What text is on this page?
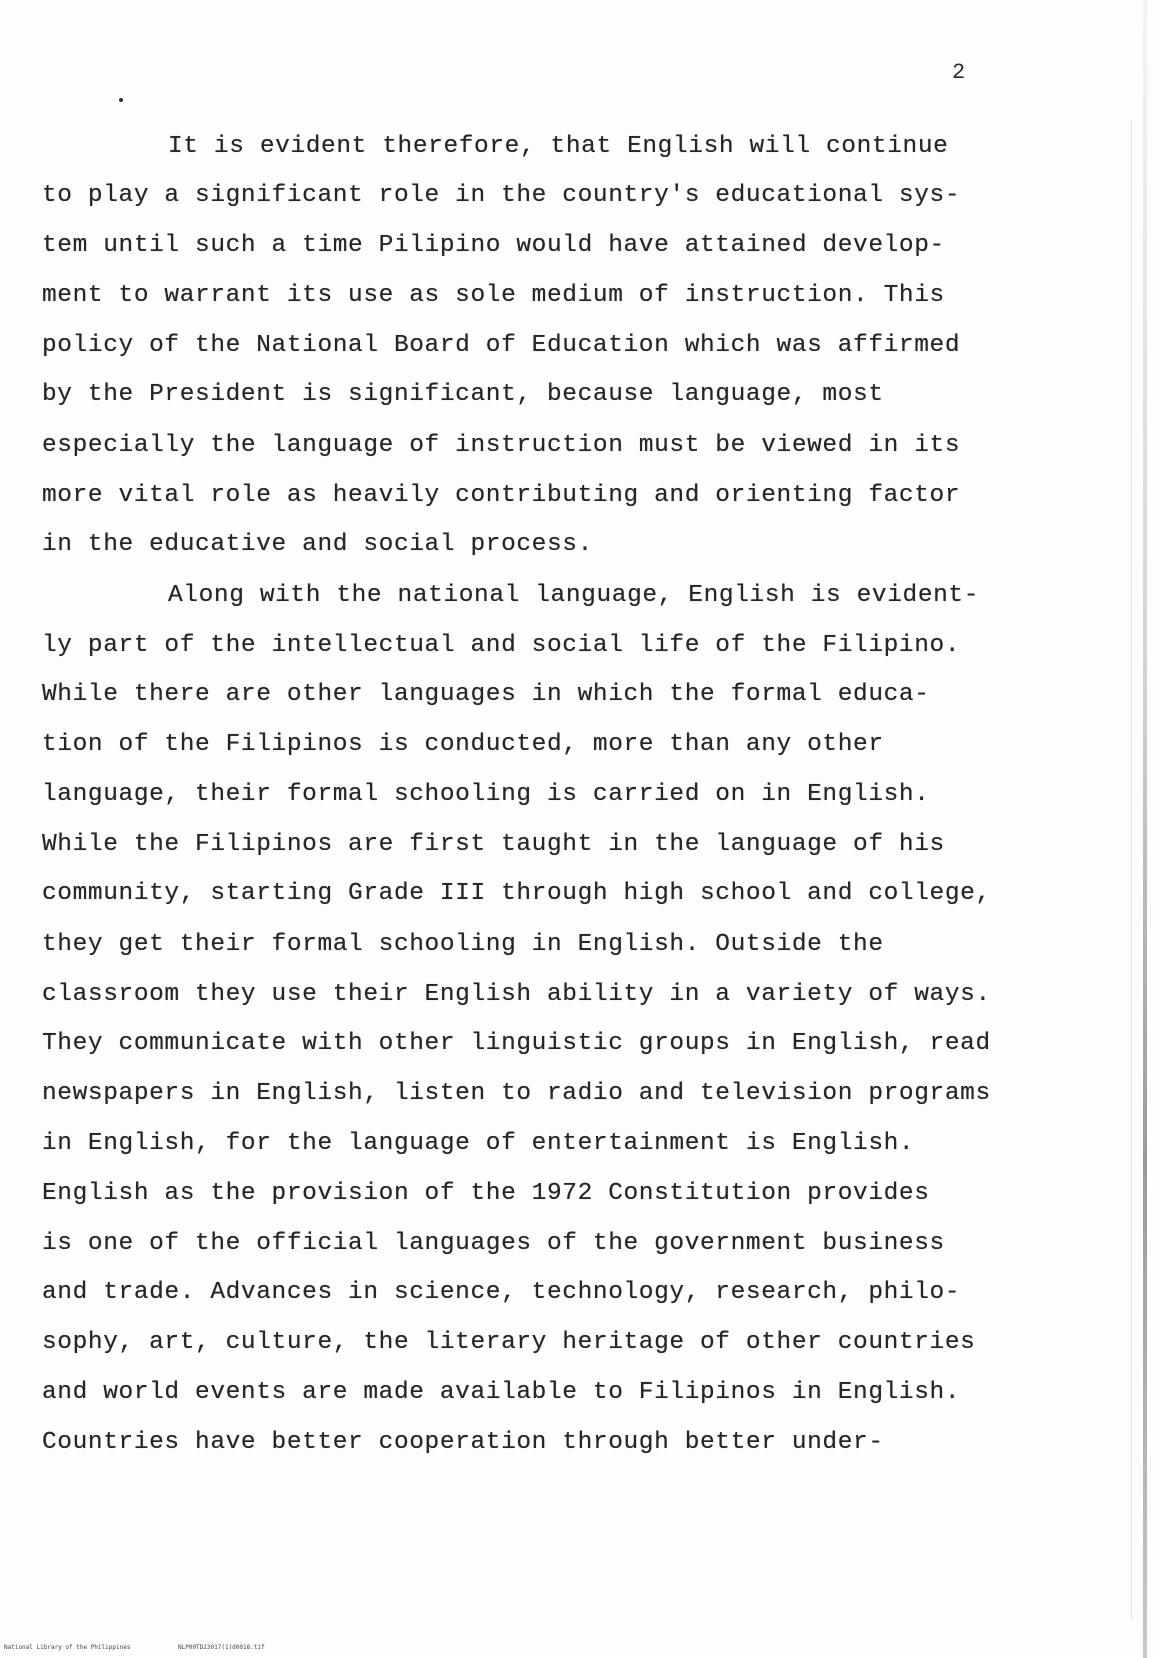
2
It is evident therefore, that English will continue
to play a significant role in the country's educational sys-
tem until such a time Pilipino would have attained develop-
ment to warrant its use as sole medium of instruction. This
policy of the National Board of Education which was affirmed
by the President is significant, because language, most
especially the language of instruction must be viewed in its
more vital role as heavily contributing and orienting factor
in the educative and social process.
Along with the national language, English is evident-
ly part of the intellectual and social life of the Filipino.
While there are other languages in which the formal educa-
tion of the Filipinos is conducted, more than any other
language, their formal schooling is carried on in English.
While the Filipinos are first taught in the language of his
community, starting Grade III through high school and college,
they get their formal schooling in English. Outside the
classroom they use their English ability in a variety of ways.
They communicate with other linguistic groups in English, read
newspapers in English, listen to radio and television programs
in English, for the language of entertainment is English.
English as the provision of the 1972 Constitution provides
is one of the official languages of the government business
and trade. Advances in science, technology, research, philo-
sophy, art, culture, the literary heritage of other countries
and world events are made available to Filipinos in English.
Countries have better cooperation through better under-
National Library of the Philippines	NLP00TD23017(1)d0018.tif
